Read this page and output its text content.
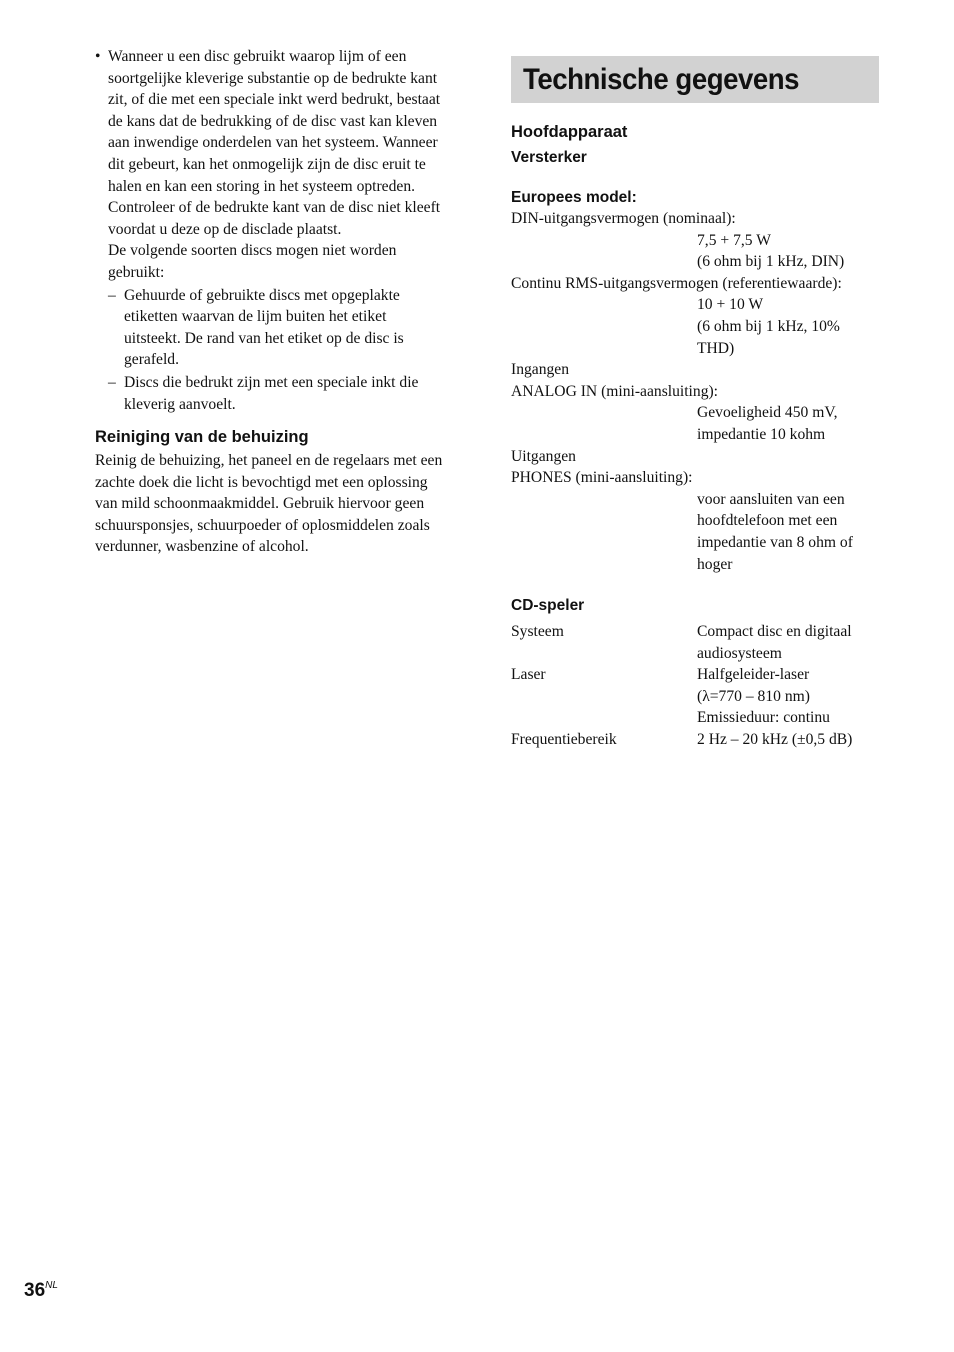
• Wanneer u een disc gebruikt waarop lijm of een
soortgelijke kleverige substantie op de bedrukte kant
zit, of die met een speciale inkt werd bedrukt, bestaat
de kans dat de bedrukking of de disc vast kan kleven
aan inwendige onderdelen van het systeem. Wanneer
dit gebeurt, kan het onmogelijk zijn de disc eruit te
halen en kan een storing in het systeem optreden.
Controleer of de bedrukte kant van de disc niet kleeft
voordat u deze op de disclade plaatst.
De volgende soorten discs mogen niet worden
gebruikt:

– Gehuurde of gebruikte discs met opgeplakte
etiketten waarvan de lijm buiten het etiket
uitsteekt. De rand van het etiket op de disc is
gerafeld.
– Discs die bedrukt zijn met een speciale inkt die
kleverig aanvoelt.
Reiniging van de behuizing

Reinig de behuizing, het paneel en de regelaars met een
zachte doek die licht is bevochtigd met een oplossing
van mild schoonmaakmiddel. Gebruik hiervoor geen
schuursponsjes, schuurpoeder of oplosmiddelen zoals
verdunner, wasbenzine of alcohol.

Technische gegevens
Hoofdapparaat
Versterker
Europees model:

DIN-uitgangsvermogen (nominaal):

7,5 + 7,5 W

(6 ohm bij 1 kHz, DIN)

Continu RMS-uitgangsvermogen (referentiewaarde):

10 + 10 W

(6 ohm bij 1 kHz, 10%

THD)

Ingangen

ANALOG IN (mini-aansluiting):

Gevoeligheid 450 mV,

impedantie 10 kohm

Uitgangen

PHONES (mini-aansluiting):

voor aansluiten van een

hoofdtelefoon met een

impedantie van 8 ohm of

hoger

CD-speler
Systeem	Compact disc en digitaal
audiosysteem
Laser	Halfgeleider-laser
(λ=770 – 810 nm)
Emissieduur: continu
Frequentiebereik	2 Hz – 20 kHz (±0,5 dB)
$36^{NL}$
